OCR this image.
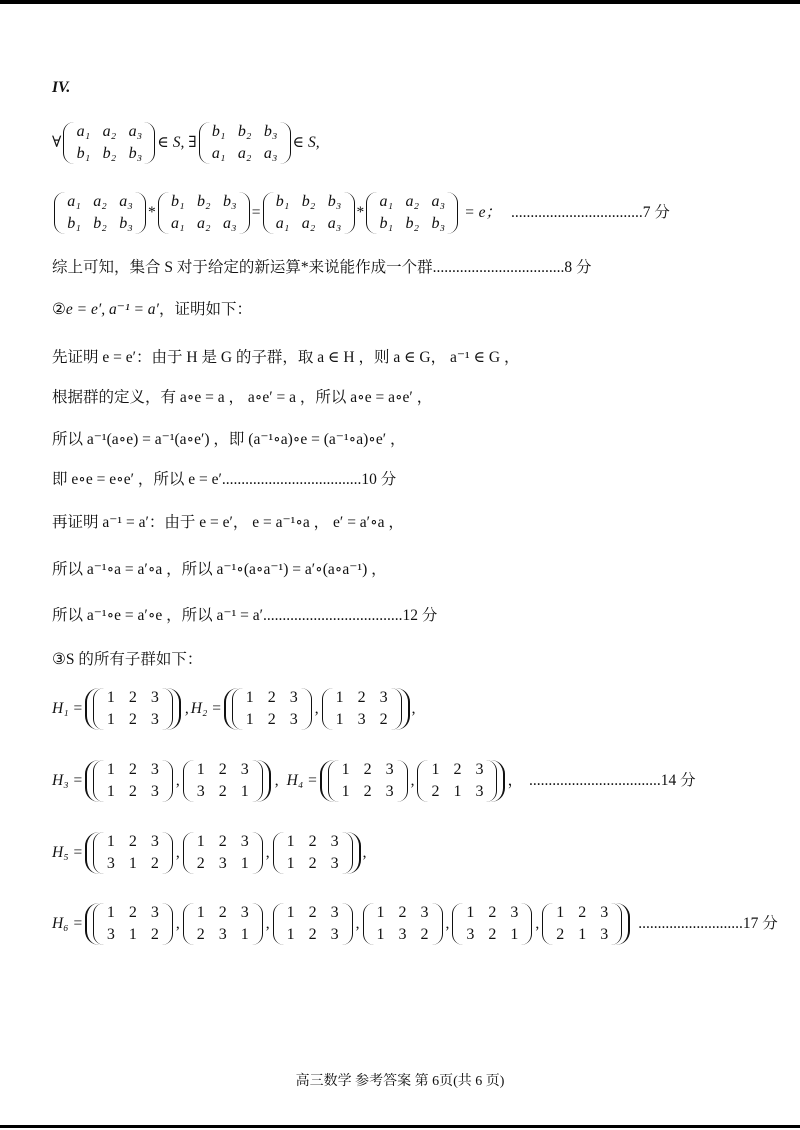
IV.
∀
a₁ a₂ a₃
b₁ b₂ b₃
∈ S, ∃
b₁ b₂ b₃
a₁ a₂ a₃
∈ S,
a₁ a₂ a₃
b₁ b₂ b₃
*
b₁ b₂ b₃
a₁ a₂ a₃
=
b₁ b₂ b₃
a₁ a₂ a₃
*
a₁ a₂ a₃
b₁ b₂ b₃
= e； .................................. 7 分
综上可知，集合 S 对于给定的新运算*来说能作成一个群..................................8 分
②e = e′, a⁻¹ = a′，证明如下：
先证明 e = e′：由于 H 是 G 的子群，取 a ∈ H ，则 a ∈ G， a⁻¹ ∈ G ，
根据群的定义，有 a∘e = a ， a∘e′ = a ，所以 a∘e = a∘e′ ，
所以 a⁻¹(a∘e) = a⁻¹(a∘e′) ，即 (a⁻¹∘a)∘e = (a⁻¹∘a)∘e′ ，
即 e∘e = e∘e′ ，所以 e = e′....................................10 分
再证明 a⁻¹ = a′：由于 e = e′， e = a⁻¹∘a ， e′ = a′∘a ，
所以 a⁻¹∘a = a′∘a ，所以 a⁻¹∘(a∘a⁻¹) = a′∘(a∘a⁻¹) ，
所以 a⁻¹∘e = a′∘e ，所以 a⁻¹ = a′....................................12 分
③S 的所有子群如下：
H₁ =
1 2 3
1 2 3
, H₂ =
1 2 3
1 2 3
,
1 2 3
1 3 2
,
H₃ =
1 2 3
1 2 3
,
1 2 3
3 2 1
, H₄ =
1 2 3
1 2 3
,
1 2 3
2 1 3
， .................................. 14 分
H₅ =
1 2 3
3 1 2
,
1 2 3
2 3 1
,
1 2 3
1 2 3
,
H₆ =
1 2 3
3 1 2
,
1 2 3
2 3 1
,
1 2 3
1 2 3
,
1 2 3
1 3 2
,
1 2 3
3 2 1
,
1 2 3
2 1 3
........................... 17 分
高三数学 参考答案 第 6页(共 6 页)
